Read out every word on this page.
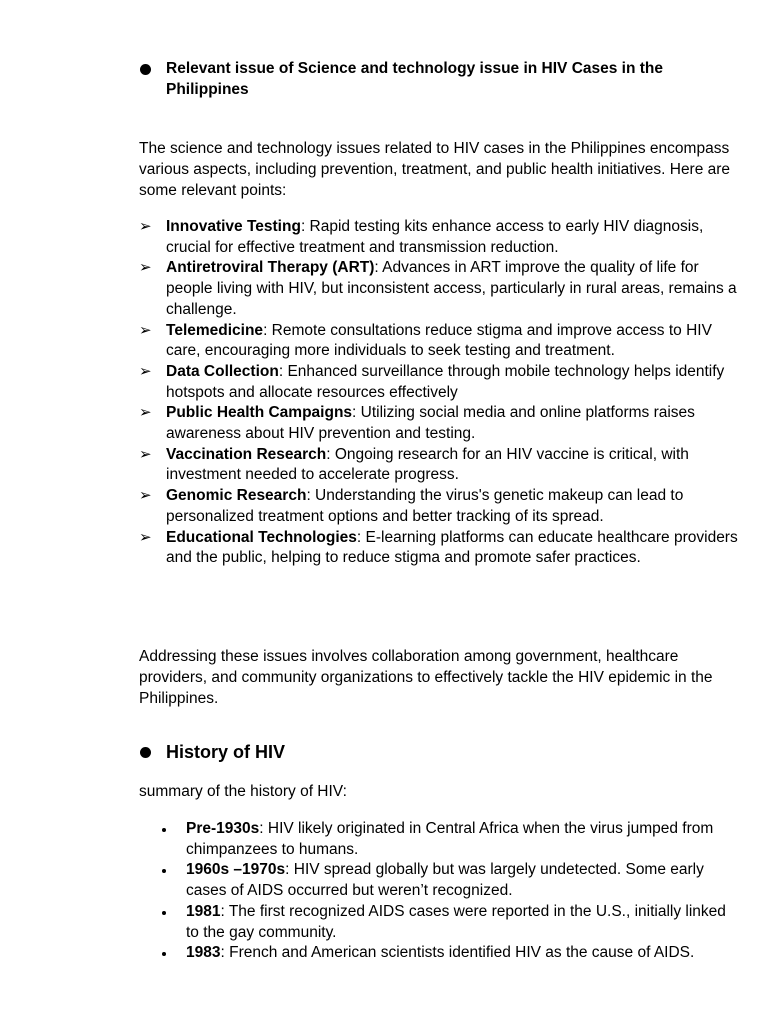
Relevant issue of Science and technology issue in HIV Cases in the Philippines

The science and technology issues related to HIV cases in the Philippines encompass various aspects, including prevention, treatment, and public health initiatives. Here are some relevant points:

➢ Innovative Testing: Rapid testing kits enhance access to early HIV diagnosis, crucial for effective treatment and transmission reduction.
➢ Antiretroviral Therapy (ART): Advances in ART improve the quality of life for people living with HIV, but inconsistent access, particularly in rural areas, remains a challenge.
➢ Telemedicine: Remote consultations reduce stigma and improve access to HIV care, encouraging more individuals to seek testing and treatment.
➢ Data Collection: Enhanced surveillance through mobile technology helps identify hotspots and allocate resources effectively
➢ Public Health Campaigns: Utilizing social media and online platforms raises awareness about HIV prevention and testing.
➢ Vaccination Research: Ongoing research for an HIV vaccine is critical, with investment needed to accelerate progress.
➢ Genomic Research: Understanding the virus's genetic makeup can lead to personalized treatment options and better tracking of its spread.
➢ Educational Technologies: E-learning platforms can educate healthcare providers and the public, helping to reduce stigma and promote safer practices.

Addressing these issues involves collaboration among government, healthcare providers, and community organizations to effectively tackle the HIV epidemic in the Philippines.

History of HIV

summary of the history of HIV:

Pre-1930s: HIV likely originated in Central Africa when the virus jumped from chimpanzees to humans.
1960s –1970s: HIV spread globally but was largely undetected. Some early cases of AIDS occurred but weren’t recognized.
1981: The first recognized AIDS cases were reported in the U.S., initially linked to the gay community.
1983: French and American scientists identified HIV as the cause of AIDS.
